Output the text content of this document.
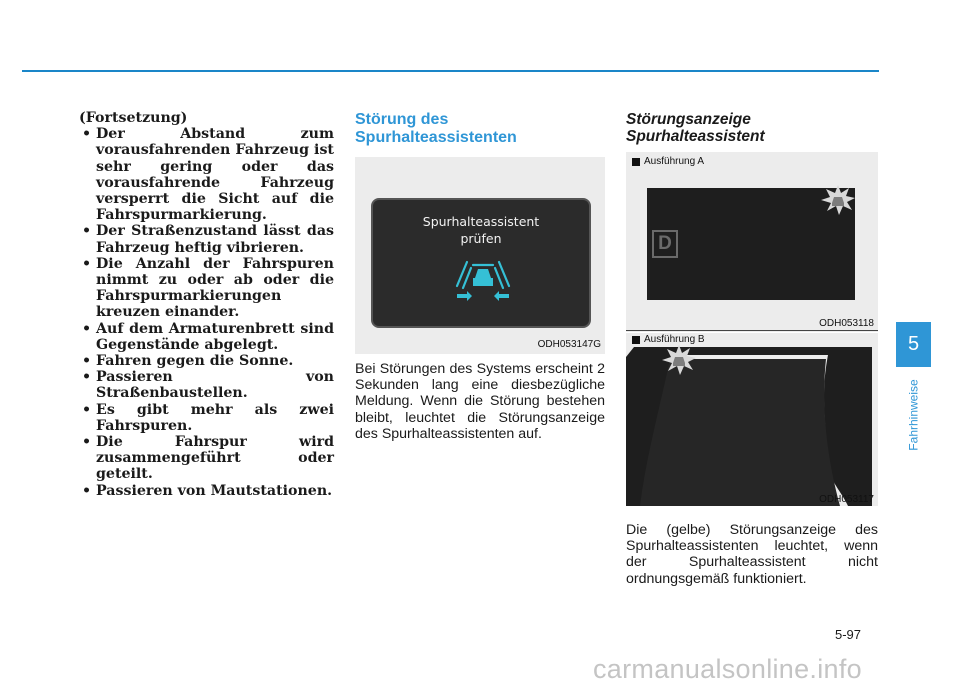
(Fortsetzung)

• Der Abstand zum vorausfahrenden Fahrzeug ist sehr gering oder das vorausfahrende Fahrzeug versperrt die Sicht auf die Fahrspurmarkierung.
• Der Straßenzustand lässt das Fahrzeug heftig vibrieren.
• Die Anzahl der Fahrspuren nimmt zu oder ab oder die Fahrspurmarkierungen kreuzen einander.
• Auf dem Armaturenbrett sind Gegenstände abgelegt.
• Fahren gegen die Sonne.
• Passieren von Straßenbaustellen.
• Es gibt mehr als zwei Fahrspuren.
• Die Fahrspur wird zusammengeführt oder geteilt.
• Passieren von Mautstationen.

Störung des Spurhalteassistenten

Spurhalteassistent
prüfen
ODH053147G

Bei Störungen des Systems erscheint 2 Sekunden lang eine diesbezügliche Meldung. Wenn die Störung bestehen bleibt, leuchtet die Störungsanzeige des Spurhalteassistenten auf.

Störungsanzeige

Spurhalteassistent

Ausführung A
D
ODH053118
Ausführung B
ODH053117

Die (gelbe) Störungsanzeige des Spurhalteassistenten leuchtet, wenn der Spurhalteassistent nicht ordnungsgemäß funktioniert.

5
Fahrhinweise
5-97
carmanualsonline.info
